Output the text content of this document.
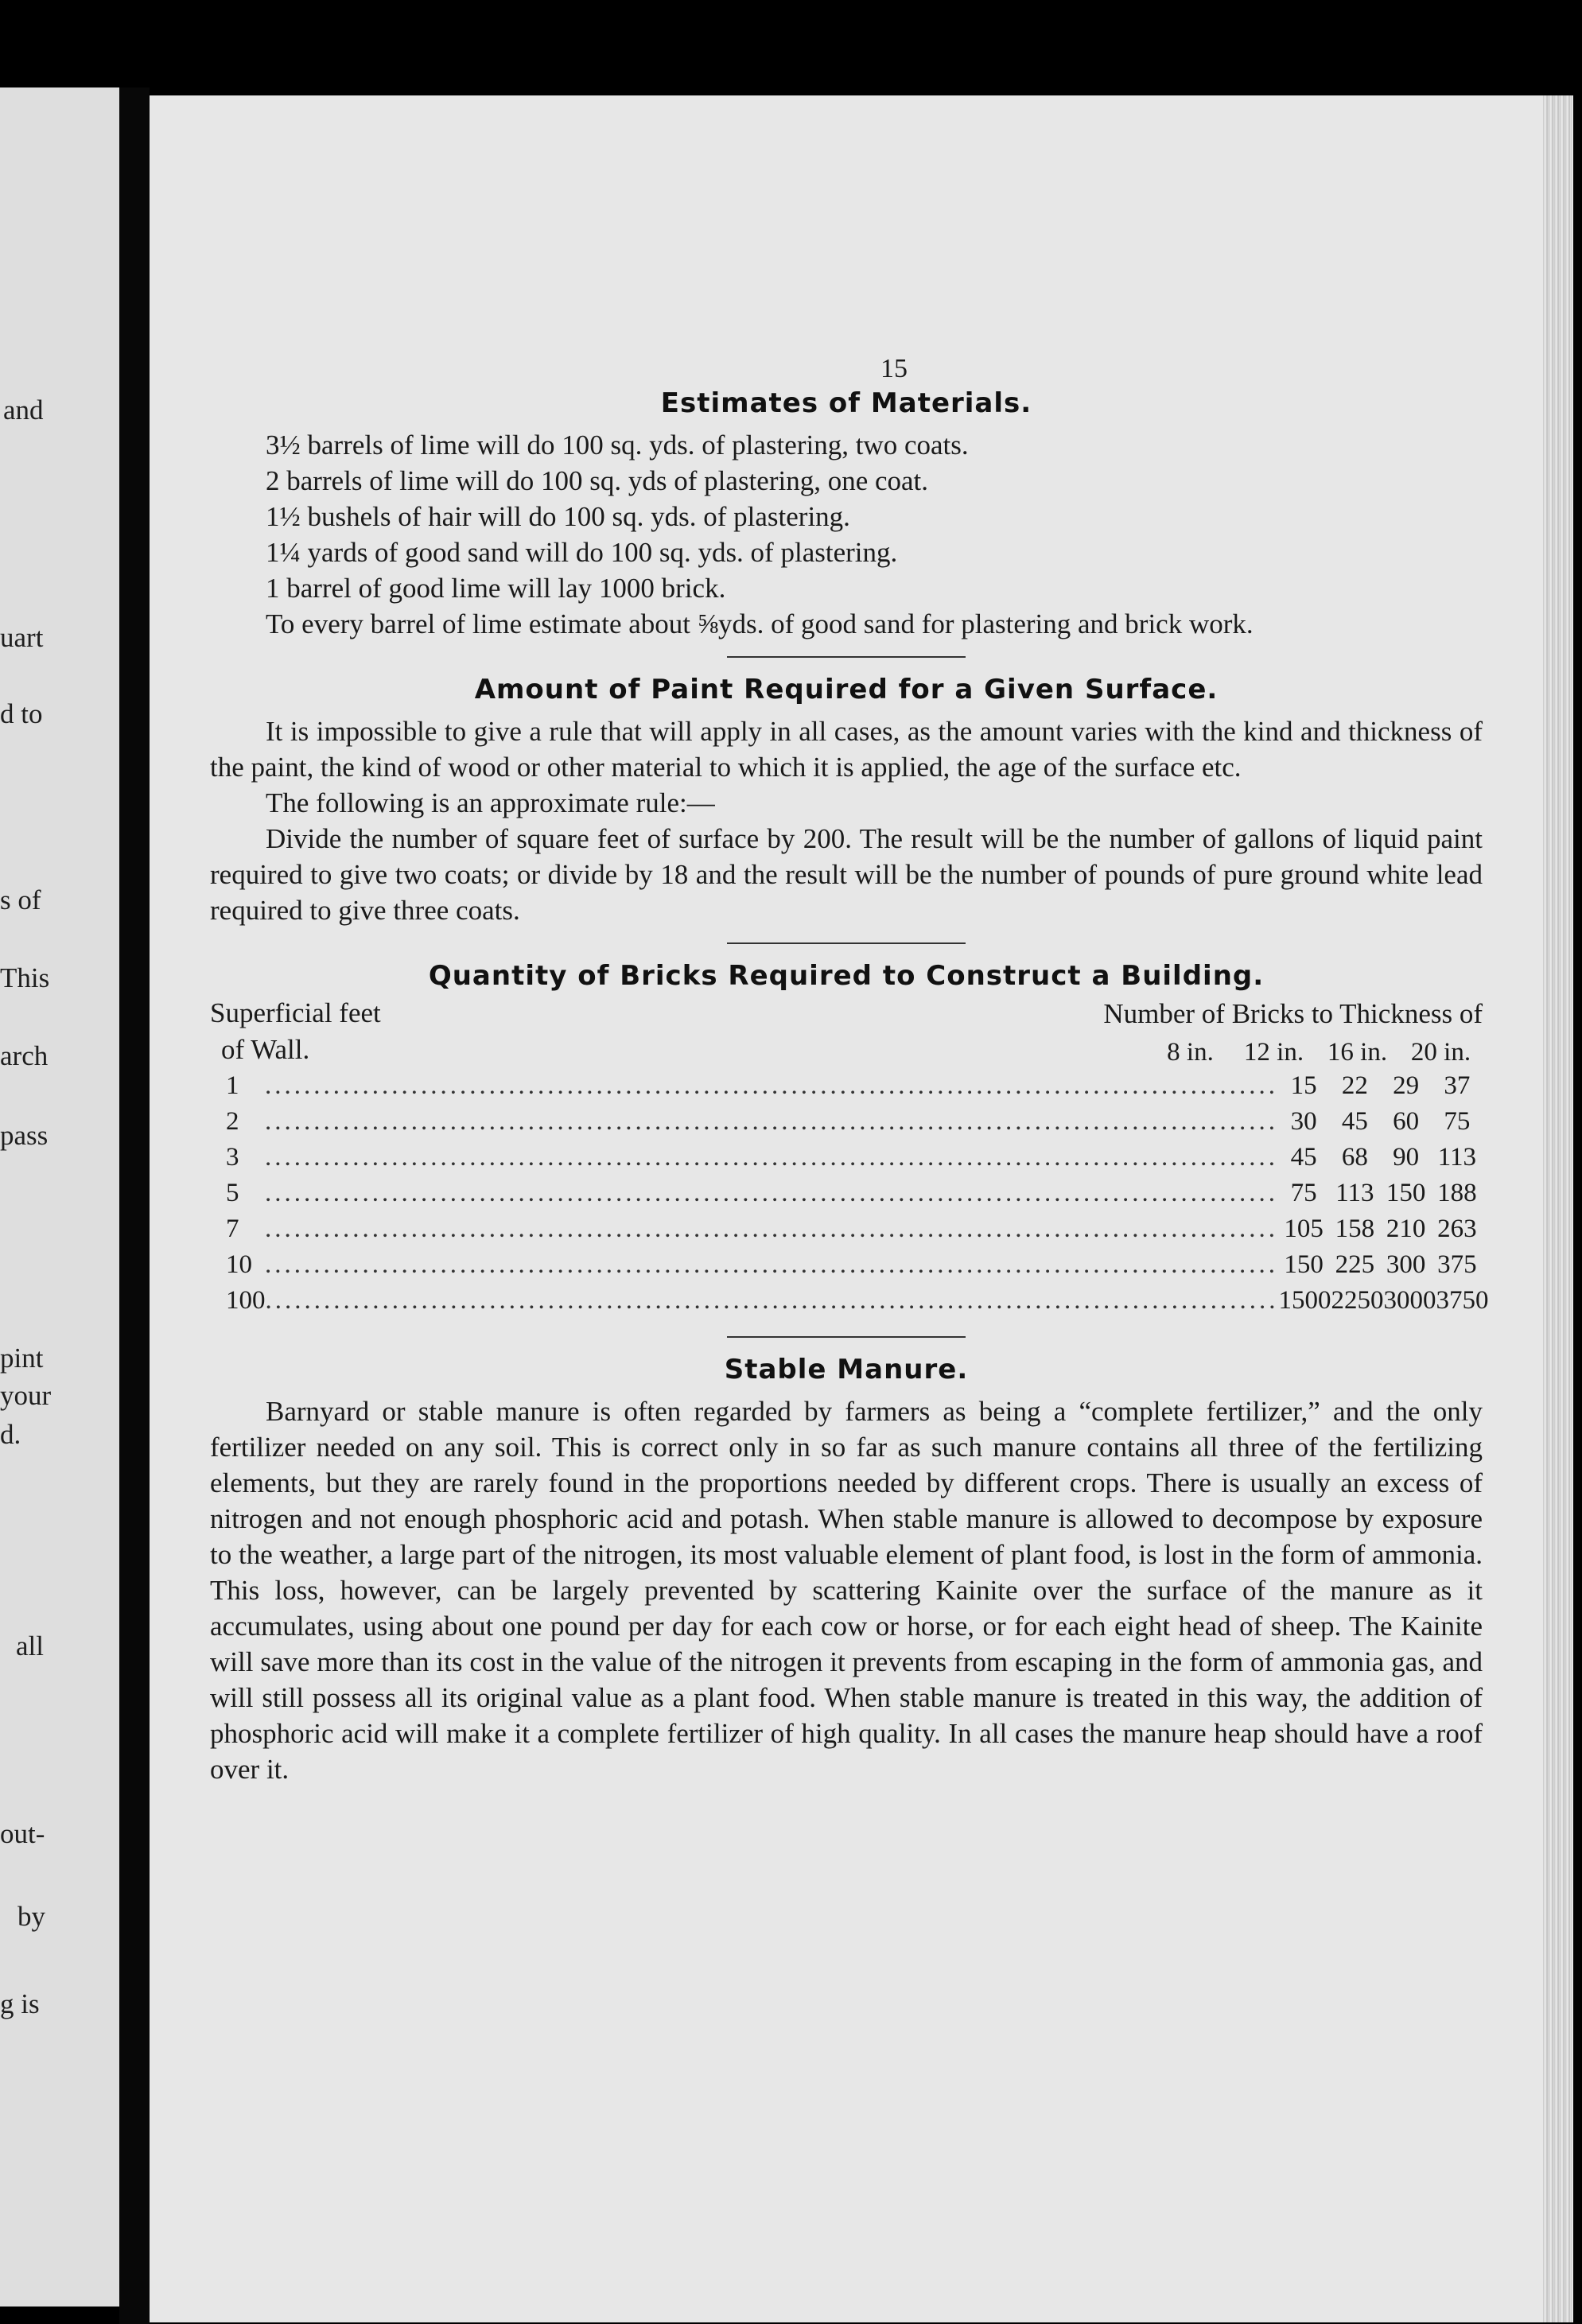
and
uart
d to
s of
This
arch
pass
pint
your
d.
all
out-
by
g is
15
Estimates of Materials.
3½ barrels of lime will do 100 sq. yds. of plastering, two coats.
2 barrels of lime will do 100 sq. yds of plastering, one coat.
1½ bushels of hair will do 100 sq. yds. of plastering.
1¼ yards of good sand will do 100 sq. yds. of plastering.
1 barrel of good lime will lay 1000 brick.

To every barrel of lime estimate about ⅝yds. of good sand for plastering and brick work.

Amount of Paint Required for a Given Surface.

It is impossible to give a rule that will apply in all cases, as the amount varies with the kind and thickness of the paint, the kind of wood or other material to which it is applied, the age of the surface etc.

The following is an approximate rule:—

Divide the number of square feet of surface by 200. The result will be the number of gallons of liquid paint required to give two coats; or divide by 18 and the result will be the number of pounds of pure ground white lead required to give three coats.

Quantity of Bricks Required to Construct a Building.
Superficial feet
of Wall.
Number of Bricks to Thickness of
8 in.	12 in. 16 in. 20 in.
1 ........................................................................................................ 15 22 29 37
2 ........................................................................................................ 30 45 60 75
3 ........................................................................................................ 45 68 90 113
5 ........................................................................................................ 75 113 150 188
7 ........................................................................................................ 105 158 210 263
10 ........................................................................................................ 150 225 300 375
100 ........................................................................................................ 1500 2250 3000 3750
Stable Manure.

Barnyard or stable manure is often regarded by farmers as being a “complete fertilizer,” and the only fertilizer needed on any soil. This is correct only in so far as such manure contains all three of the fertilizing elements, but they are rarely found in the proportions needed by different crops. There is usually an excess of nitrogen and not enough phosphoric acid and potash. When stable manure is allowed to decompose by exposure to the weather, a large part of the nitrogen, its most valuable element of plant food, is lost in the form of ammonia. This loss, however, can be largely prevented by scattering Kainite over the surface of the manure as it accumulates, using about one pound per day for each cow or horse, or for each eight head of sheep. The Kainite will save more than its cost in the value of the nitrogen it prevents from escaping in the form of ammonia gas, and will still possess all its original value as a plant food. When stable manure is treated in this way, the addition of phosphoric acid will make it a complete fertilizer of high quality. In all cases the manure heap should have a roof over it.
